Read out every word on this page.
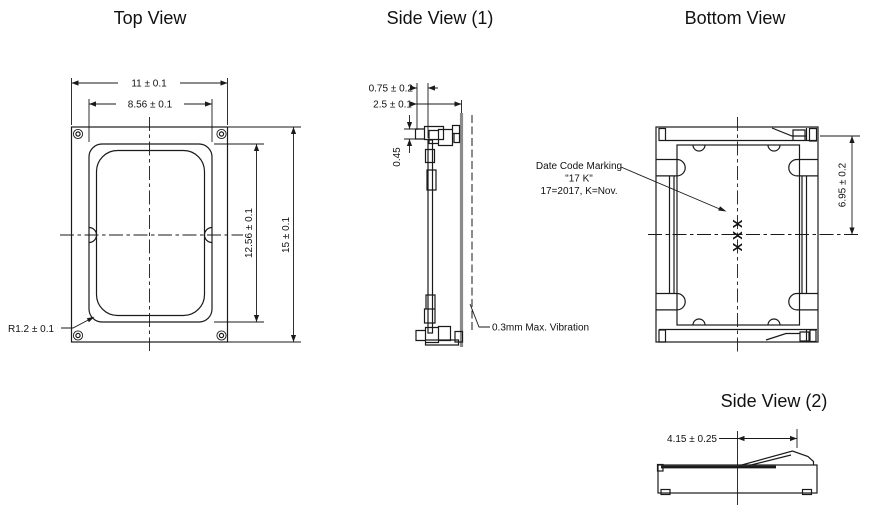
Top View	Side View (1)	Bottom View
Side View (2)
11 ± 0.1
8.56 ± 0.1
12.56 ± 0.1	15 ± 0.1
R1.2 ± 0.1
0.75 ± 0.2
2.5 ± 0.1
0.45
0.3mm Max. Vibration
XXX
Date Code Marking
"17 K"
17=2017, K=Nov.	6.95 ± 0.2
4.15 ± 0.25
